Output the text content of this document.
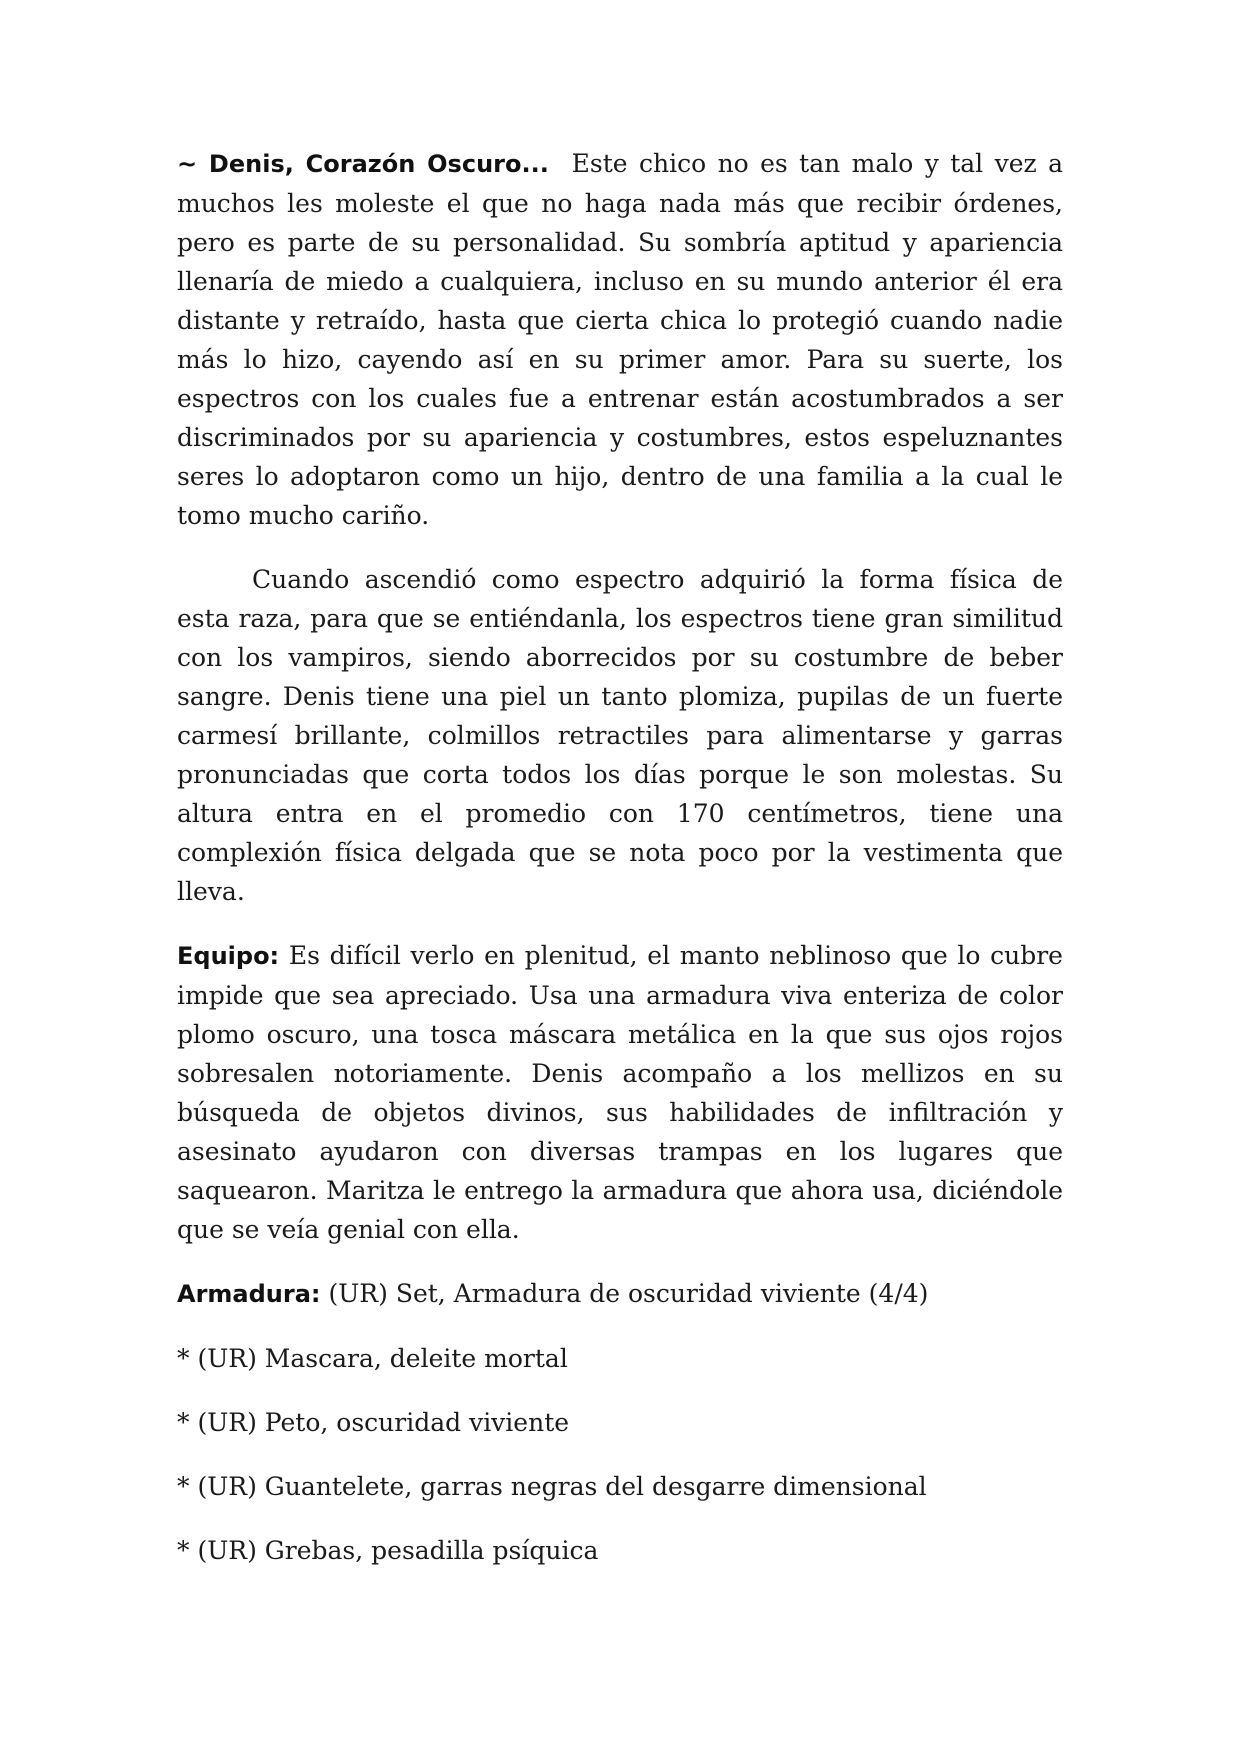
~ Denis, Corazón Oscuro... Este chico no es tan malo y tal vez a muchos les moleste el que no haga nada más que recibir órdenes, pero es parte de su personalidad. Su sombría aptitud y apariencia llenaría de miedo a cualquiera, incluso en su mundo anterior él era distante y retraído, hasta que cierta chica lo protegió cuando nadie más lo hizo, cayendo así en su primer amor. Para su suerte, los espectros con los cuales fue a entrenar están acostumbrados a ser discriminados por su apariencia y costumbres, estos espeluznantes seres lo adoptaron como un hijo, dentro de una familia a la cual le tomo mucho cariño.

Cuando ascendió como espectro adquirió la forma física de esta raza, para que se entiéndanla, los espectros tiene gran similitud con los vampiros, siendo aborrecidos por su costumbre de beber sangre. Denis tiene una piel un tanto plomiza, pupilas de un fuerte carmesí brillante, colmillos retractiles para alimentarse y garras pronunciadas que corta todos los días porque le son molestas. Su altura entra en el promedio con 170 centímetros, tiene una complexión física delgada que se nota poco por la vestimenta que lleva.

Equipo: Es difícil verlo en plenitud, el manto neblinoso que lo cubre impide que sea apreciado. Usa una armadura viva enteriza de color plomo oscuro, una tosca máscara metálica en la que sus ojos rojos sobresalen notoriamente. Denis acompaño a los mellizos en su búsqueda de objetos divinos, sus habilidades de infiltración y asesinato ayudaron con diversas trampas en los lugares que saquearon. Maritza le entrego la armadura que ahora usa, diciéndole que se veía genial con ella.

Armadura: (UR) Set, Armadura de oscuridad viviente (4/4)

* (UR) Mascara, deleite mortal
* (UR) Peto, oscuridad viviente
* (UR) Guantelete, garras negras del desgarre dimensional
* (UR) Grebas, pesadilla psíquica
